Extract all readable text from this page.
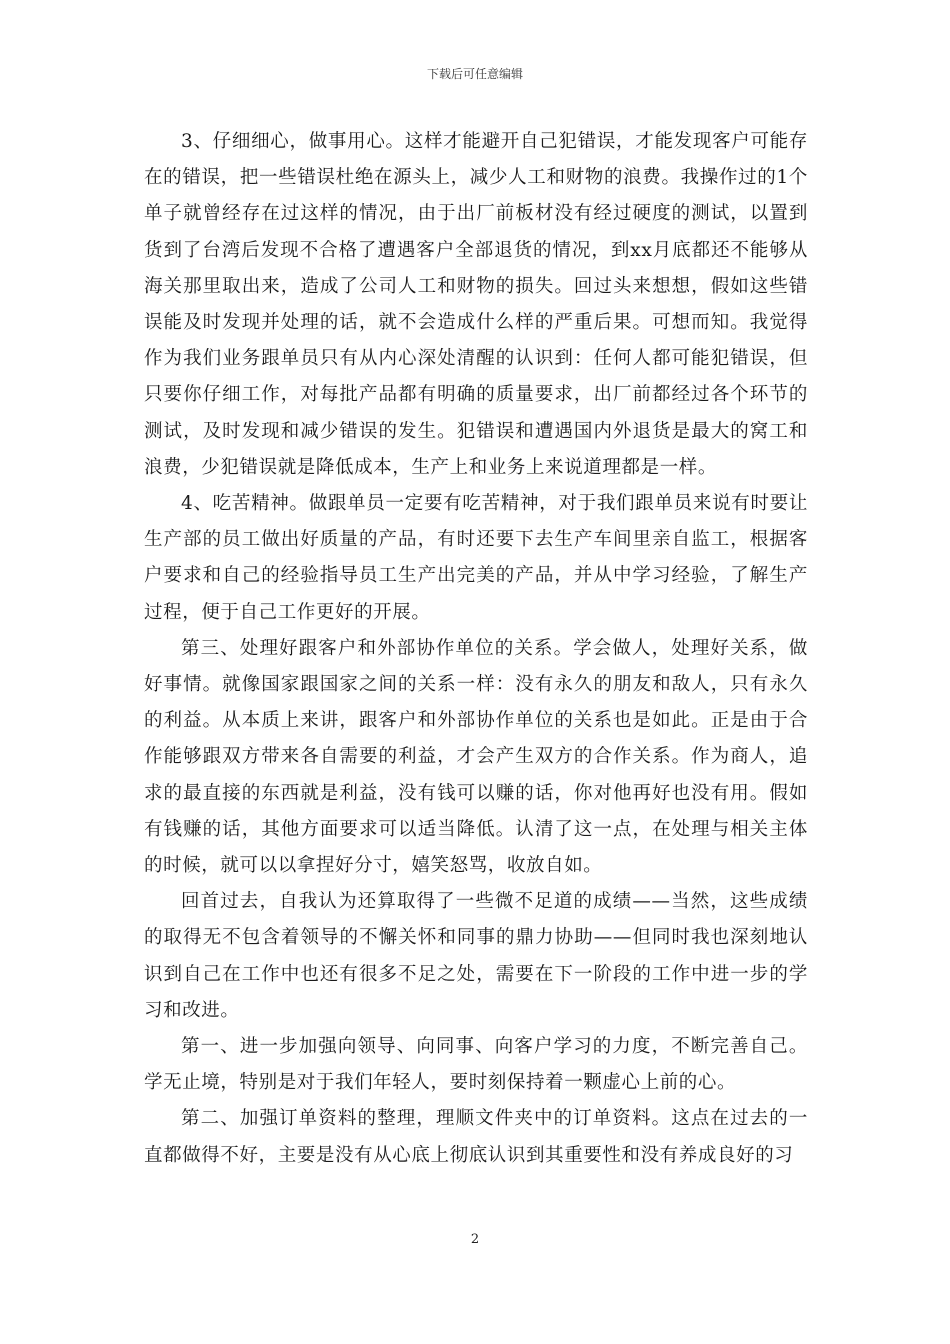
下载后可任意编辑

3、仔细细心，做事用心。这样才能避开自己犯错误，才能发现客户可能存在的错误，把一些错误杜绝在源头上，减少人工和财物的浪费。我操作过的1个单子就曾经存在过这样的情况，由于出厂前板材没有经过硬度的测试，以置到货到了台湾后发现不合格了遭遇客户全部退货的情况，到xx月底都还不能够从海关那里取出来，造成了公司人工和财物的损失。回过头来想想，假如这些错误能及时发现并处理的话，就不会造成什么样的严重后果。可想而知。我觉得作为我们业务跟单员只有从内心深处清醒的认识到：任何人都可能犯错误，但只要你仔细工作，对每批产品都有明确的质量要求，出厂前都经过各个环节的测试，及时发现和减少错误的发生。犯错误和遭遇国内外退货是最大的窝工和浪费，少犯错误就是降低成本，生产上和业务上来说道理都是一样。

4、吃苦精神。做跟单员一定要有吃苦精神，对于我们跟单员来说有时要让生产部的员工做出好质量的产品，有时还要下去生产车间里亲自监工，根据客户要求和自己的经验指导员工生产出完美的产品，并从中学习经验，了解生产过程，便于自己工作更好的开展。

第三、处理好跟客户和外部协作单位的关系。学会做人，处理好关系，做好事情。就像国家跟国家之间的关系一样：没有永久的朋友和敌人，只有永久的利益。从本质上来讲，跟客户和外部协作单位的关系也是如此。正是由于合作能够跟双方带来各自需要的利益，才会产生双方的合作关系。作为商人，追求的最直接的东西就是利益，没有钱可以赚的话，你对他再好也没有用。假如有钱赚的话，其他方面要求可以适当降低。认清了这一点，在处理与相关主体的时候，就可以以拿捏好分寸，嬉笑怒骂，收放自如。

回首过去，自我认为还算取得了一些微不足道的成绩——当然，这些成绩的取得无不包含着领导的不懈关怀和同事的鼎力协助——但同时我也深刻地认识到自己在工作中也还有很多不足之处，需要在下一阶段的工作中进一步的学习和改进。

第一、进一步加强向领导、向同事、向客户学习的力度，不断完善自己。学无止境，特别是对于我们年轻人，要时刻保持着一颗虚心上前的心。

第二、加强订单资料的整理，理顺文件夹中的订单资料。这点在过去的一直都做得不好，主要是没有从心底上彻底认识到其重要性和没有养成良好的习

2
